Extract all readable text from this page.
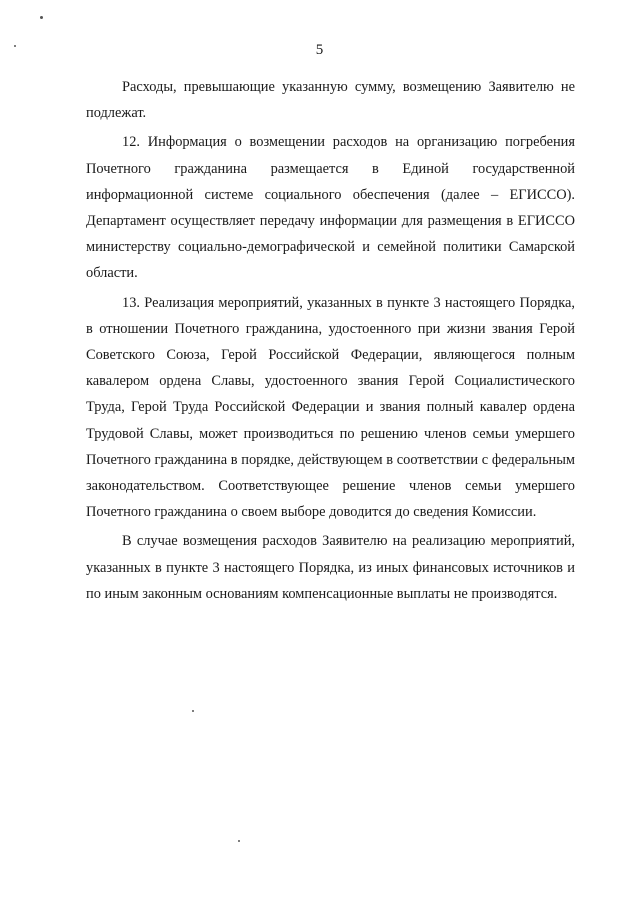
5

Расходы, превышающие указанную сумму, возмещению Заявителю не подлежат.

12. Информация о возмещении расходов на организацию погребения Почетного гражданина размещается в Единой государственной информационной системе социального обеспечения (далее – ЕГИССО). Департамент осуществляет передачу информации для размещения в ЕГИССО министерству социально-демографической и семейной политики Самарской области.

13. Реализация мероприятий, указанных в пункте 3 настоящего Порядка, в отношении Почетного гражданина, удостоенного при жизни звания Герой Советского Союза, Герой Российской Федерации, являющегося полным кавалером ордена Славы, удостоенного звания Герой Социалистического Труда, Герой Труда Российской Федерации и звания полный кавалер ордена Трудовой Славы, может производиться по решению членов семьи умершего Почетного гражданина в порядке, действующем в соответствии с федеральным законодательством. Соответствующее решение членов семьи умершего Почетного гражданина о своем выборе доводится до сведения Комиссии.

В случае возмещения расходов Заявителю на реализацию мероприятий, указанных в пункте 3 настоящего Порядка, из иных финансовых источников и по иным законным основаниям компенсационные выплаты не производятся.
